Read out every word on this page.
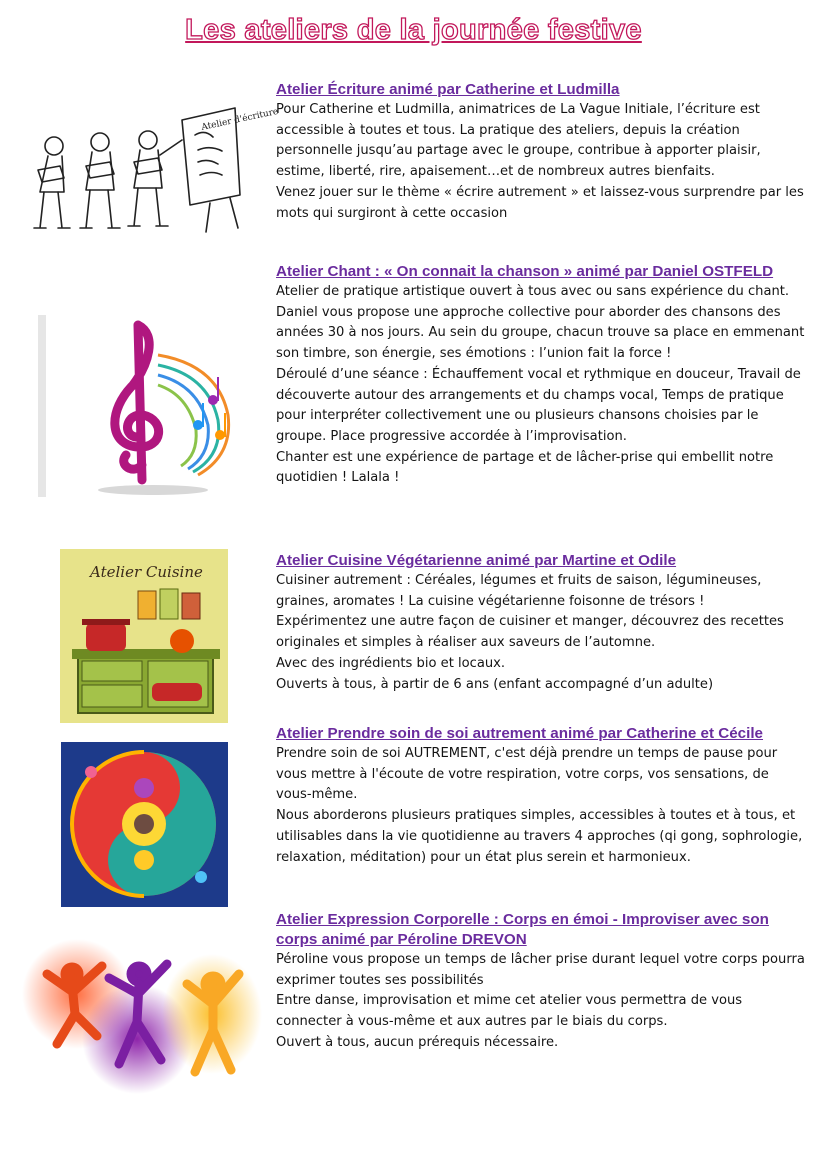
Les ateliers de la journée festive
Atelier d'écriture
Atelier Cuisine

Atelier Écriture animé par Catherine et Ludmilla

Pour Catherine et Ludmilla, animatrices de La Vague Initiale, l’écriture est accessible à toutes et tous. La pratique des ateliers, depuis la création personnelle jusqu’au partage avec le groupe, contribue à apporter plaisir, estime, liberté, rire, apaisement…et de nombreux autres bienfaits.

Venez jouer sur le thème « écrire autrement » et laissez-vous surprendre par les mots qui surgiront à cette occasion

Atelier Chant : « On connait la chanson » animé par Daniel OSTFELD

Atelier de pratique artistique ouvert à tous avec ou sans expérience du chant. Daniel vous propose une approche collective pour aborder des chansons des années 30 à nos jours. Au sein du groupe, chacun trouve sa place en emmenant son timbre, son énergie, ses émotions : l’union fait la force !

Déroulé d’une séance : Échauffement vocal et rythmique en douceur, Travail de découverte autour des arrangements et du champs vocal, Temps de pratique pour interpréter collectivement une ou plusieurs chansons choisies par le groupe. Place progressive accordée à l’improvisation.

Chanter est une expérience de partage et de lâcher-prise qui embellit notre quotidien ! Lalala !

Atelier Cuisine Végétarienne animé par Martine et Odile

Cuisiner autrement : Céréales, légumes et fruits de saison, légumineuses, graines, aromates ! La cuisine végétarienne foisonne de trésors !

Expérimentez une autre façon de cuisiner et manger, découvrez des recettes originales et simples à réaliser aux saveurs de l’automne.

Avec des ingrédients bio et locaux.

Ouverts à tous, à partir de 6 ans (enfant accompagné d’un adulte)

Atelier Prendre soin de soi autrement animé par Catherine et Cécile

Prendre soin de soi AUTREMENT, c'est déjà prendre un temps de pause pour vous mettre à l'écoute de votre respiration, votre corps, vos sensations, de vous-même.

Nous aborderons plusieurs pratiques simples, accessibles à toutes et à tous, et utilisables dans la vie quotidienne au travers 4 approches (qi gong, sophrologie, relaxation, méditation) pour un état plus serein et harmonieux.

Atelier Expression Corporelle : Corps en émoi - Improviser avec son corps animé par Péroline DREVON

Péroline vous propose un temps de lâcher prise durant lequel votre corps pourra exprimer toutes ses possibilités

Entre danse, improvisation et mime cet atelier vous permettra de vous connecter à vous-même et aux autres par le biais du corps.

Ouvert à tous, aucun prérequis nécessaire.
